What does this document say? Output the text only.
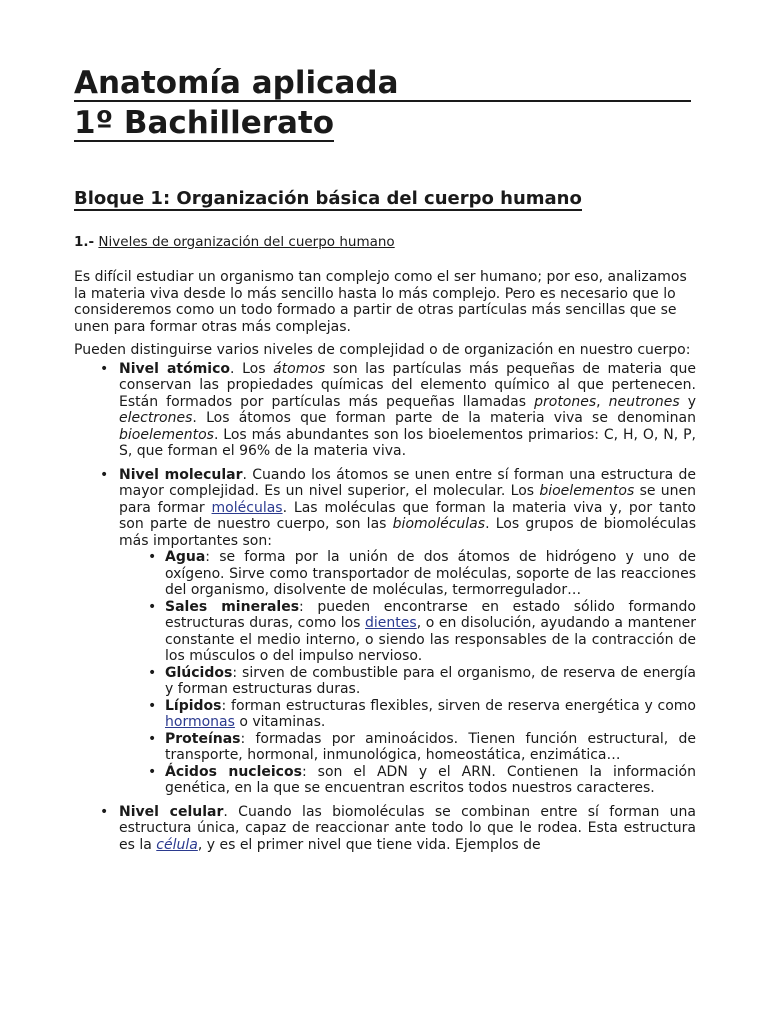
Anatomía aplicada
1º Bachillerato
Bloque 1: Organización básica del cuerpo humano
1.- Niveles de organización del cuerpo humano

Es difícil estudiar un organismo tan complejo como el ser humano; por eso, analizamos la materia viva desde lo más sencillo hasta lo más complejo. Pero es necesario que lo consideremos como un todo formado a partir de otras partículas más sencillas que se unen para formar otras más complejas.

Pueden distinguirse varios niveles de complejidad o de organización en nuestro cuerpo:

• Nivel atómico. Los átomos son las partículas más pequeñas de materia que conservan las propiedades químicas del elemento químico al que pertenecen. Están formados por partículas más pequeñas llamadas protones, neutrones y electrones. Los átomos que forman parte de la materia viva se denominan bioelementos. Los más abundantes son los bioelementos primarios: C, H, O, N, P, S, que forman el 96% de la materia viva.
• Nivel molecular. Cuando los átomos se unen entre sí forman una estructura de mayor complejidad. Es un nivel superior, el molecular. Los bioelementos se unen para formar moléculas. Las moléculas que forman la materia viva y, por tanto son parte de nuestro cuerpo, son las biomoléculas. Los grupos de biomoléculas más importantes son:
• Agua: se forma por la unión de dos átomos de hidrógeno y uno de oxígeno. Sirve como transportador de moléculas, soporte de las reacciones del organismo, disolvente de moléculas, termorregulador…
• Sales minerales: pueden encontrarse en estado sólido formando estructuras duras, como los dientes, o en disolución, ayudando a mantener constante el medio interno, o siendo las responsables de la contracción de los músculos o del impulso nervioso.
• Glúcidos: sirven de combustible para el organismo, de reserva de energía y forman estructuras duras.
• Lípidos: forman estructuras flexibles, sirven de reserva energética y como hormonas o vitaminas.
• Proteínas: formadas por aminoácidos. Tienen función estructural, de transporte, hormonal, inmunológica, homeostática, enzimática…
• Ácidos nucleicos: son el ADN y el ARN. Contienen la información genética, en la que se encuentran escritos todos nuestros caracteres.
• Nivel celular. Cuando las biomoléculas se combinan entre sí forman una estructura única, capaz de reaccionar ante todo lo que le rodea. Esta estructura es la célula, y es el primer nivel que tiene vida. Ejemplos de
